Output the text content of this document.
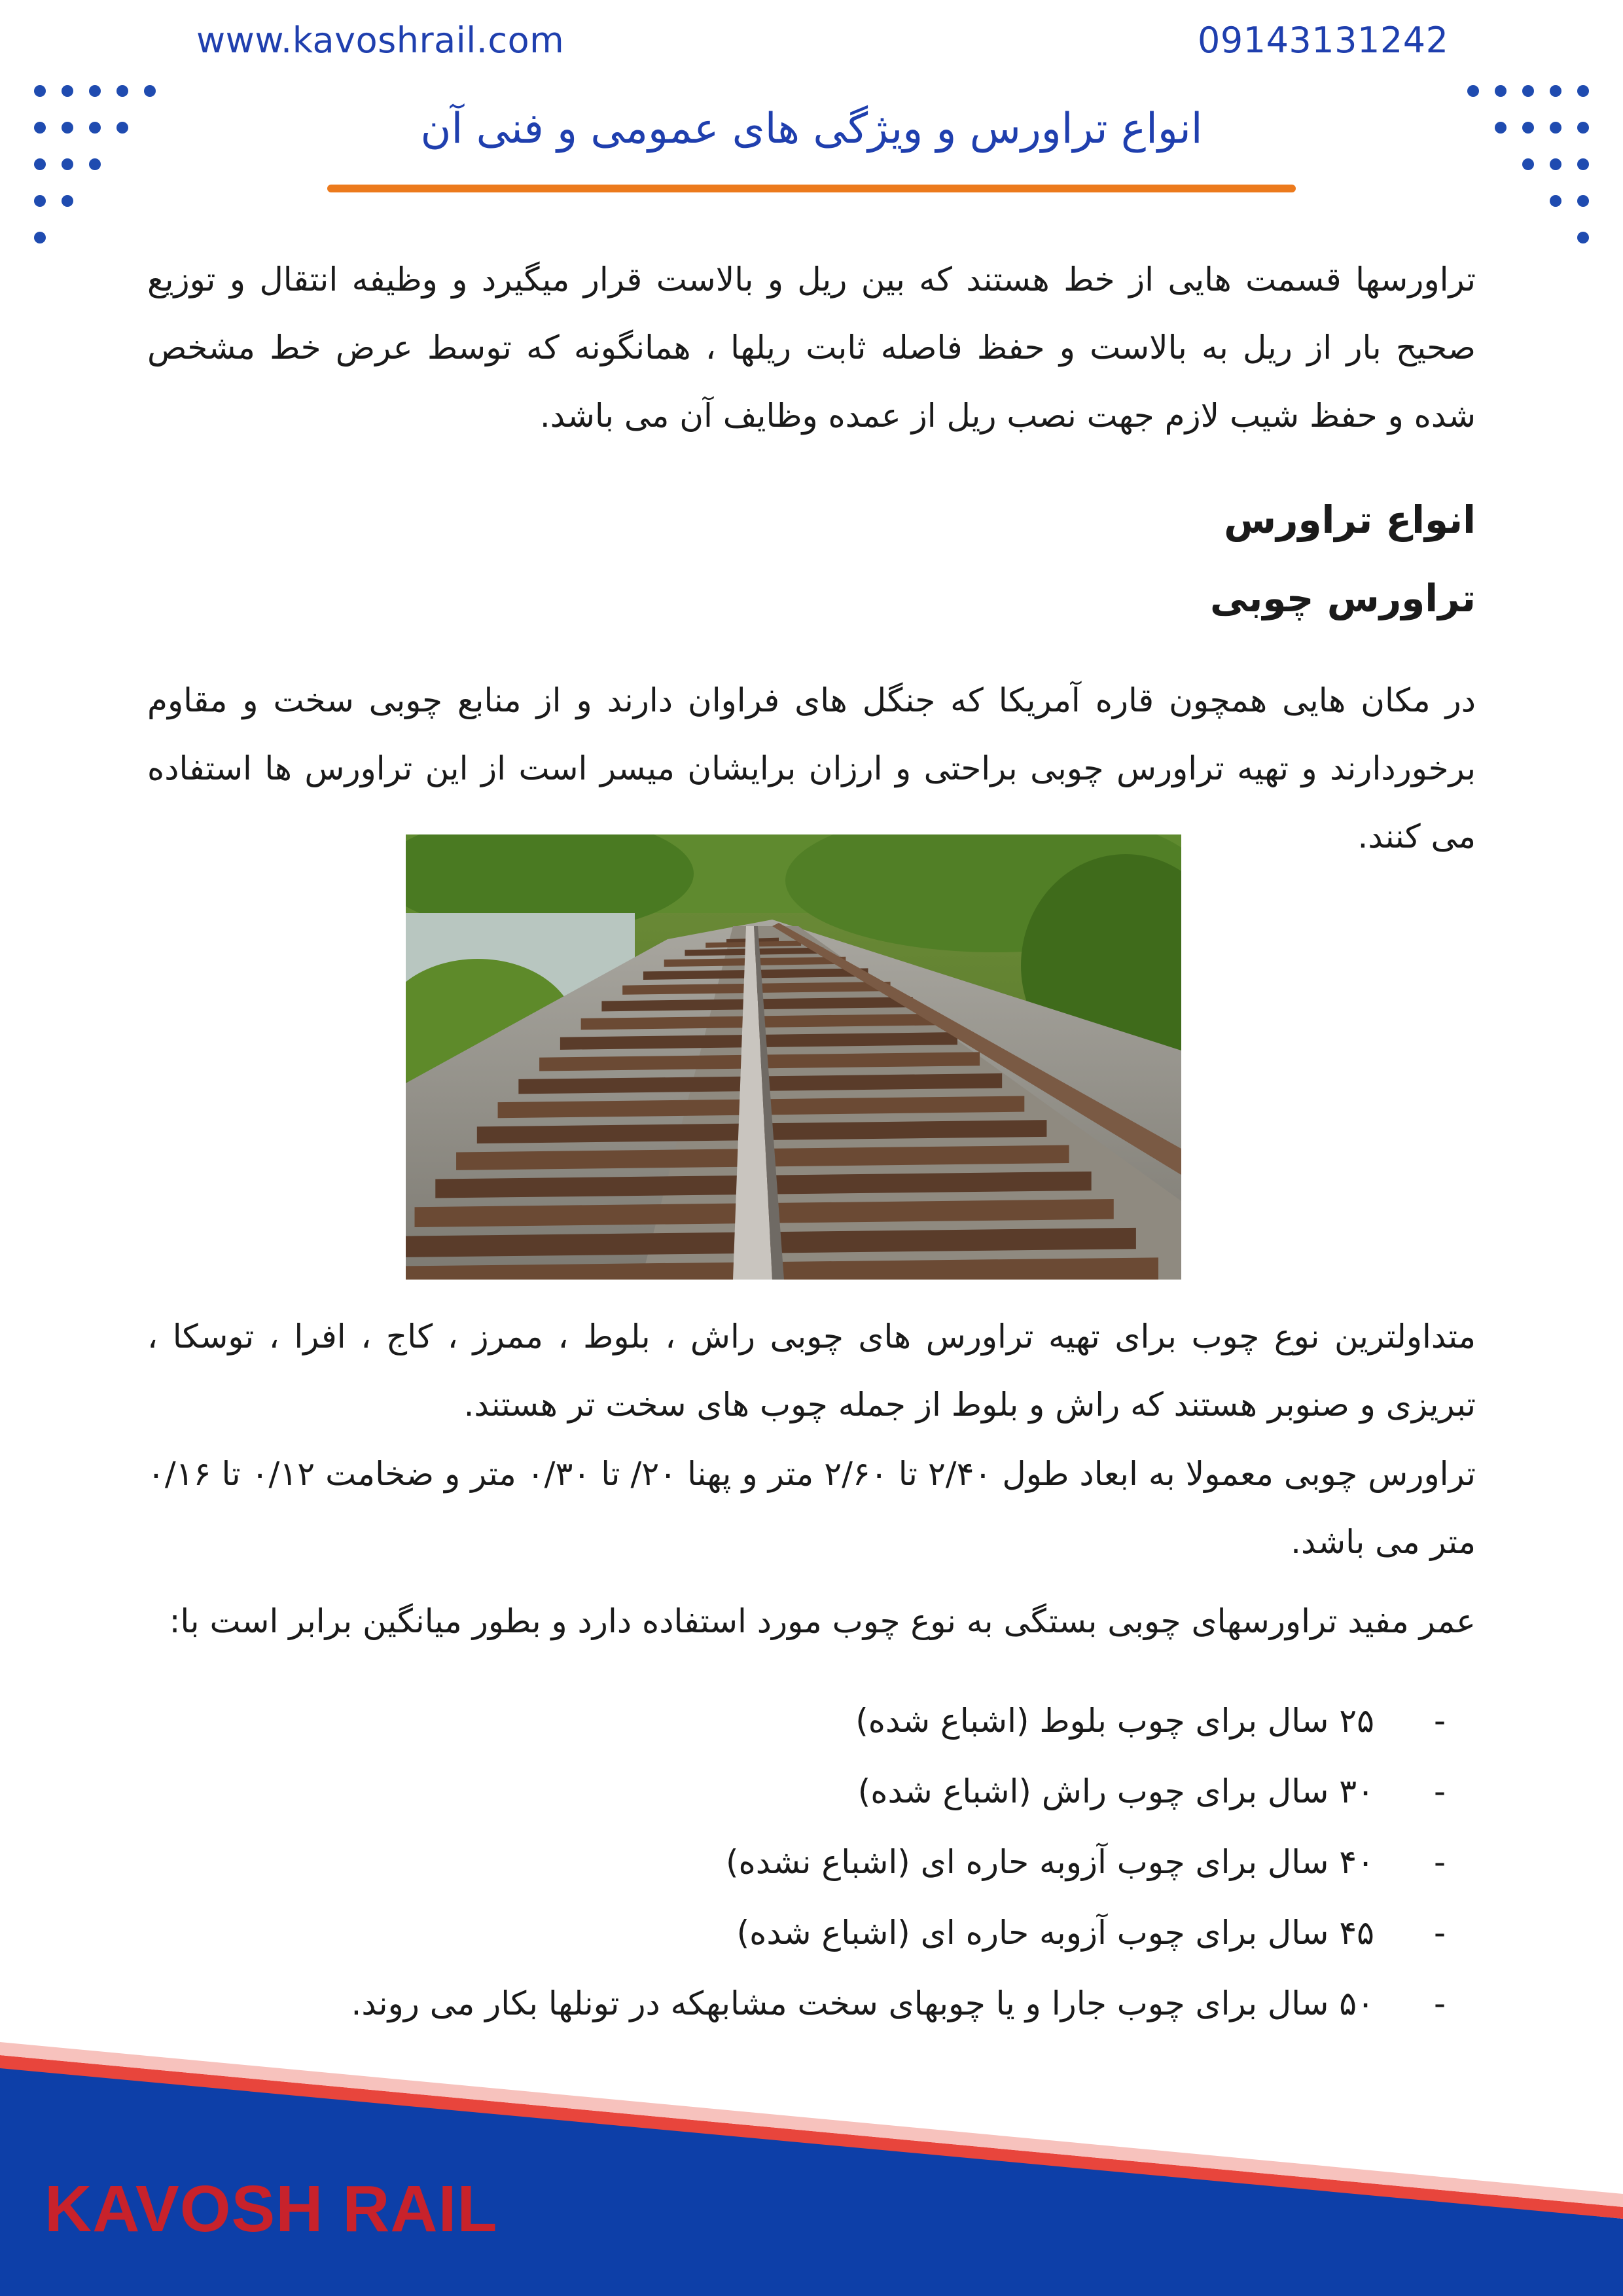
www.kavoshrail.com	09143131242
انواع تراورس و ویژگی های عمومی و فنی آن

تراورسها قسمت هایی از خط هستند که بین ریل و بالاست قرار میگیرد و وظیفه انتقال و توزیع صحیح بار از ریل به بالاست و حفظ فاصله ثابت ریلها ، همانگونه که توسط عرض خط مشخص شده و حفظ شیب لازم جهت نصب ریل از عمده وظایف آن می باشد.

انواع تراورس
تراورس چوبی

در مکان هایی همچون قاره آمریکا که جنگل های فراوان دارند و از منابع چوبی سخت و مقاوم برخوردارند و تهیه تراورس چوبی براحتی و ارزان برایشان میسر است از این تراورس ها استفاده می کنند.

متداولترین نوع چوب برای تهیه تراورس های چوبی راش ، بلوط ، ممرز ، کاج ، افرا ، توسکا ، تبریزی و صنوبر هستند که راش و بلوط از جمله چوب های سخت تر هستند.

تراورس چوبی معمولا به ابعاد طول ۲/۴۰ تا ۲/۶۰ متر و پهنا ۲۰/ تا ۰/۳۰ متر و ضخامت ۰/۱۲ تا ۰/۱۶ متر می باشد.

عمر مفید تراورسهای چوبی بستگی به نوع چوب مورد استفاده دارد و بطور میانگین برابر است با:

-۲۵ سال برای چوب بلوط (اشباع شده)
-۳۰ سال برای چوب راش (اشباع شده)
-۴۰ سال برای چوب آزوبه حاره ای (اشباع نشده)
-۴۵ سال برای چوب آزوبه حاره ای (اشباع شده)
-۵۰ سال برای چوب جارا و یا چوبهای سخت مشابهکه در تونلها بکار می روند.
KAVOSH RAIL
